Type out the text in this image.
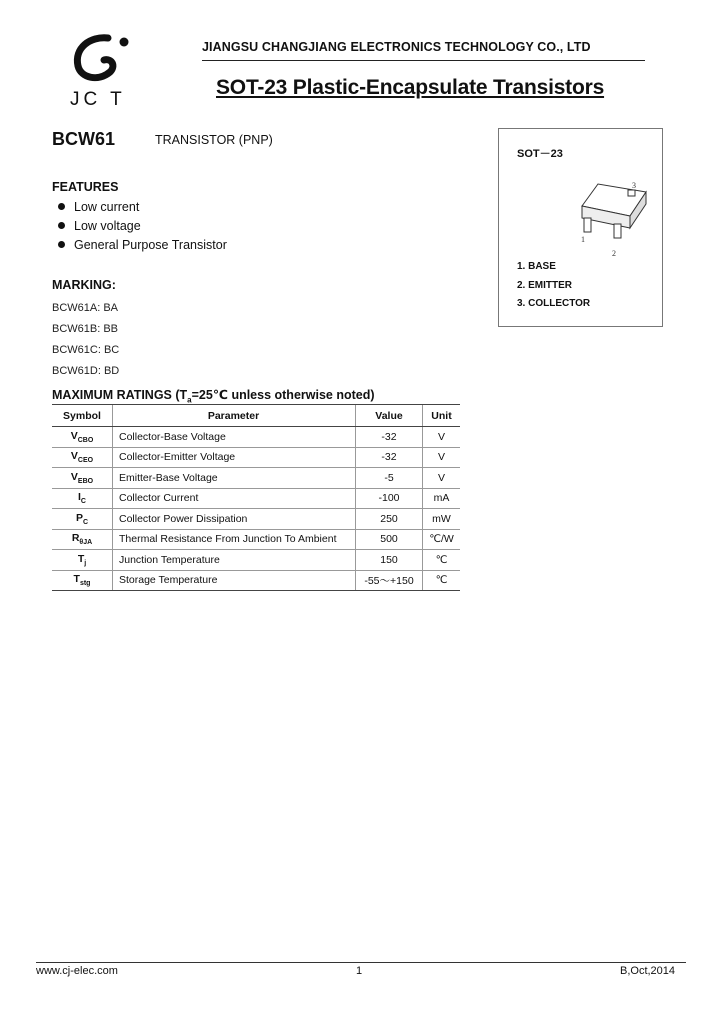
JC T
JIANGSU CHANGJIANG ELECTRONICS TECHNOLOGY CO., LTD
SOT-23 Plastic-Encapsulate Transistors
BCW61	TRANSISTOR (PNP)
FEATURES
Low current
Low voltage
General Purpose Transistor
MARKING:
BCW61A: BA
BCW61B: BB
BCW61C: BC
BCW61D: BD
SOT－23
3
1
2
1. BASE
2. EMITTER
3. COLLECTOR
MAXIMUM RATINGS ($T_a=25℃$ unless otherwise noted)
Symbol	Parameter	Value	Unit
$V_{CBO}$	Collector-Base Voltage	-32	V
$V_{CEO}$	Collector-Emitter Voltage	-32	V
$V_{EBO}$	Emitter-Base Voltage	-5	V
$I_C$	Collector Current	-100	mA
$P_C$	Collector Power Dissipation	250	mW
$R_{\theta JA}$	Thermal Resistance From Junction To Ambient	500	℃/W
$T_j$	Junction Temperature	150	℃
$T_{stg}$	Storage Temperature	-55～+150	℃
www.cj-elec.com	1	B,Oct,2014
